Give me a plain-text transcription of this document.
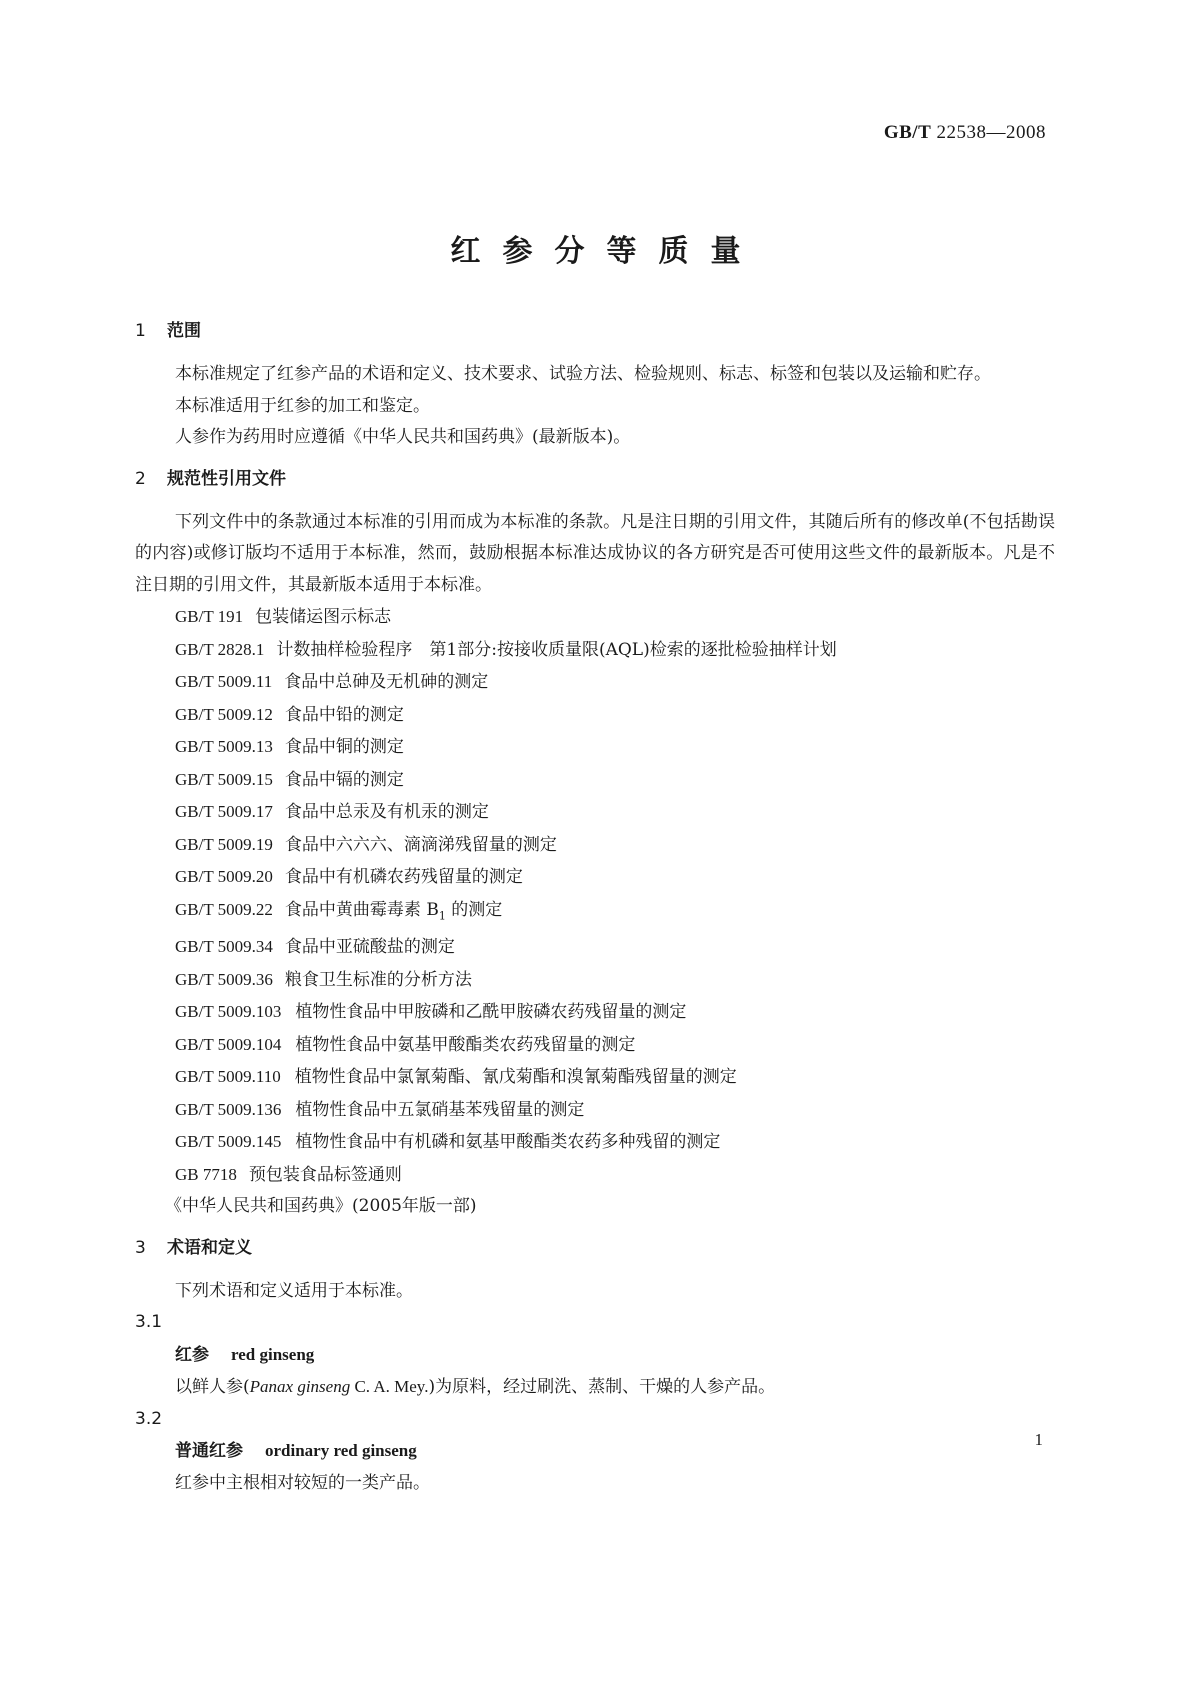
GB/T 22538—2008
红参分等质量
1 范围

本标准规定了红参产品的术语和定义、技术要求、试验方法、检验规则、标志、标签和包装以及运输和贮存。

本标准适用于红参的加工和鉴定。

人参作为药用时应遵循《中华人民共和国药典》(最新版本)。

2 规范性引用文件

下列文件中的条款通过本标准的引用而成为本标准的条款。凡是注日期的引用文件，其随后所有的修改单(不包括勘误的内容)或修订版均不适用于本标准，然而，鼓励根据本标准达成协议的各方研究是否可使用这些文件的最新版本。凡是不注日期的引用文件，其最新版本适用于本标准。

GB/T 191 包装储运图示标志

GB/T 2828.1 计数抽样检验程序　第1部分:按接收质量限(AQL)检索的逐批检验抽样计划

GB/T 5009.11 食品中总砷及无机砷的测定

GB/T 5009.12 食品中铅的测定

GB/T 5009.13 食品中铜的测定

GB/T 5009.15 食品中镉的测定

GB/T 5009.17 食品中总汞及有机汞的测定

GB/T 5009.19 食品中六六六、滴滴涕残留量的测定

GB/T 5009.20 食品中有机磷农药残留量的测定

GB/T 5009.22 食品中黄曲霉毒素 $B_1$ 的测定

GB/T 5009.34 食品中亚硫酸盐的测定

GB/T 5009.36 粮食卫生标准的分析方法

GB/T 5009.103 植物性食品中甲胺磷和乙酰甲胺磷农药残留量的测定

GB/T 5009.104 植物性食品中氨基甲酸酯类农药残留量的测定

GB/T 5009.110 植物性食品中氯氰菊酯、氰戊菊酯和溴氰菊酯残留量的测定

GB/T 5009.136 植物性食品中五氯硝基苯残留量的测定

GB/T 5009.145 植物性食品中有机磷和氨基甲酸酯类农药多种残留的测定

GB 7718 预包装食品标签通则

《中华人民共和国药典》(2005年版一部)

3 术语和定义

下列术语和定义适用于本标准。

3.1

红参 red ginseng

以鲜人参(Panax ginseng C. A. Mey.)为原料，经过刷洗、蒸制、干燥的人参产品。

3.2

普通红参 ordinary red ginseng

红参中主根相对较短的一类产品。

1
